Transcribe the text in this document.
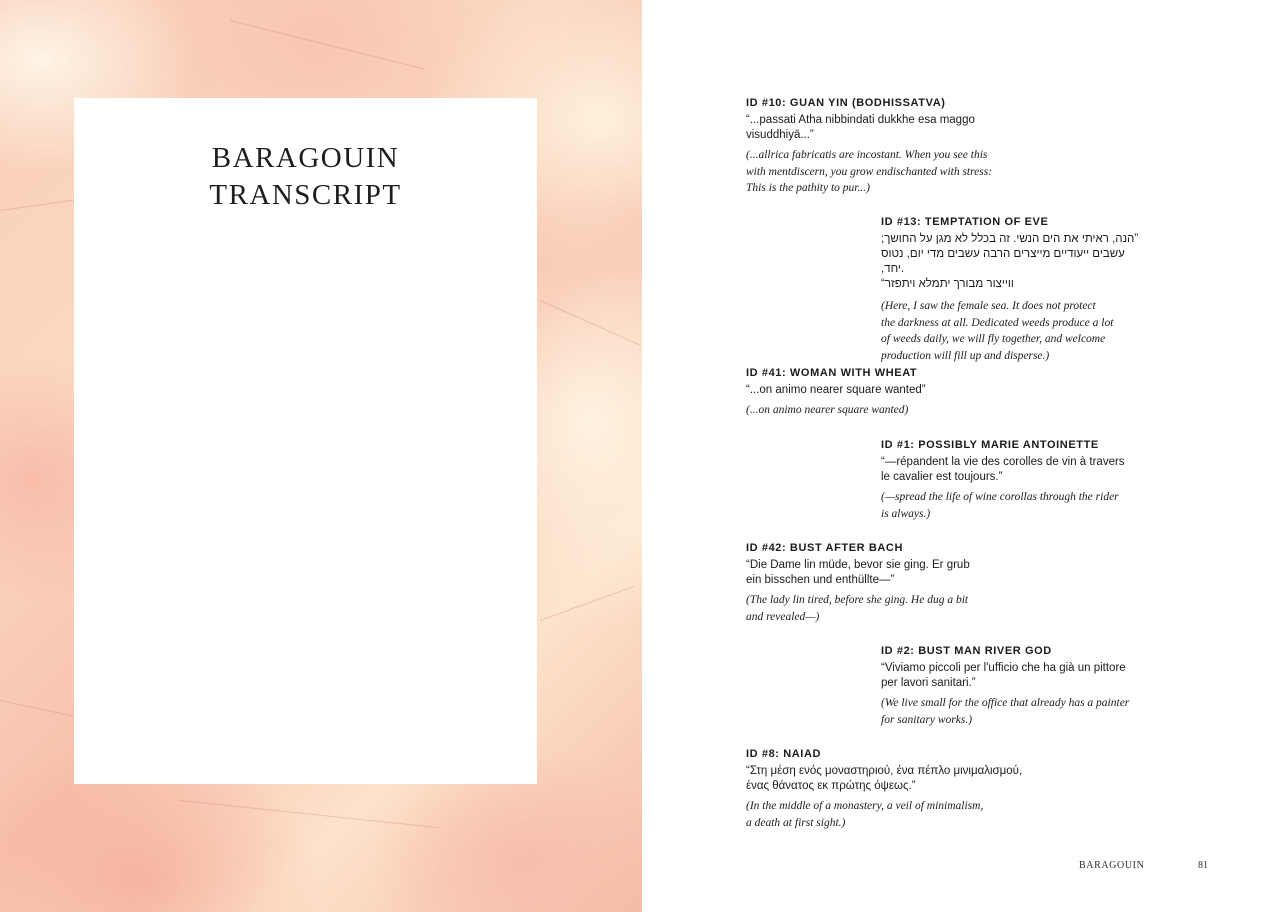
BARAGOUIN
TRANSCRIPT

ID #10: GUAN YIN (BODHISSATVA)

“...passati Atha nibbindati dukkhe esa maggo
visuddhiyā...”

(...allrica fabricatis are incostant. When you see this
with mentdiscern, you grow endischanted with stress:
This is the pathity to pur...)

ID #13: TEMPTATION OF EVE

”הנה, ראיתי את הים הנשי. זה בכלל לא מגן על החושך;
עשבים ייעודיים מייצרים הרבה עשבים מדי יום, נטוס .יחד,
ווייצור מבורך יתמלא ויתפזר“

(Here, I saw the female sea. It does not protect
the darkness at all. Dedicated weeds produce a lot
of weeds daily, we will fly together, and welcome
production will fill up and disperse.)

ID #41: WOMAN WITH WHEAT

“...on animo nearer square wanted”

(...on animo nearer square wanted)

ID #1: POSSIBLY MARIE ANTOINETTE

“—répandent la vie des corolles de vin à travers
le cavalier est toujours.”

(—spread the life of wine corollas through the rider
is always.)

ID #42: BUST AFTER BACH

“Die Dame lin müde, bevor sie ging. Er grub
ein bisschen und enthüllte—”

(The lady lin tired, before she ging. He dug a bit
and revealed—)

ID #2: BUST MAN RIVER GOD

“Viviamo piccoli per l'ufficio che ha già un pittore
per lavori sanitari.”

(We live small for the office that already has a painter
for sanitary works.)

ID #8: NAIAD

“Στη μέση ενός μοναστηριού, ένα πέπλο μινιμαλισμού,
ένας θάνατος εκ πρώτης όψεως.”

(In the middle of a monastery, a veil of minimalism,
a death at first sight.)

BARAGOUIN	81
